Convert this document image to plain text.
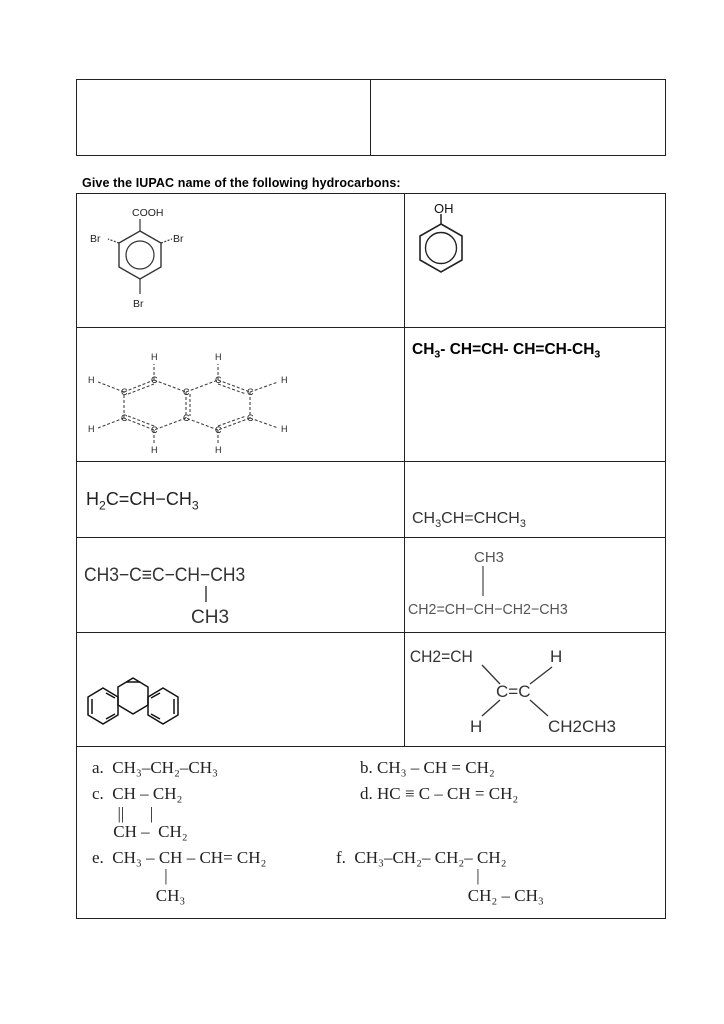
Give the IUPAC name of the following hydrocarbons:
COOH
Br	Br
Br
OH
H	H
H	H
H
H
H
H
C	C
C	C
C	C
C
C
C	C
$CH_3-$ CH=CH- $CH=CH-CH_3$
$H_2C=CH-CH_3$
$CH_3CH=CHCH_3$
CH3−C≡C−CH−CH3
CH3
CH3
CH2=CH−CH−CH2−CH3
CH2=CH	H
C=C
H	CH2CH3
a.  CH₃–CH₂–CH₃	b. CH₃ – CH = CH₂
c.  CH – CH₂	d. HC ≡ C – CH = CH₂
||      |
CH –  CH₂
e.  CH₃ – CH – CH= CH₂	f.  CH₃–CH₂– CH₂– CH₂
|	|
CH₃	CH₂ – CH₃
